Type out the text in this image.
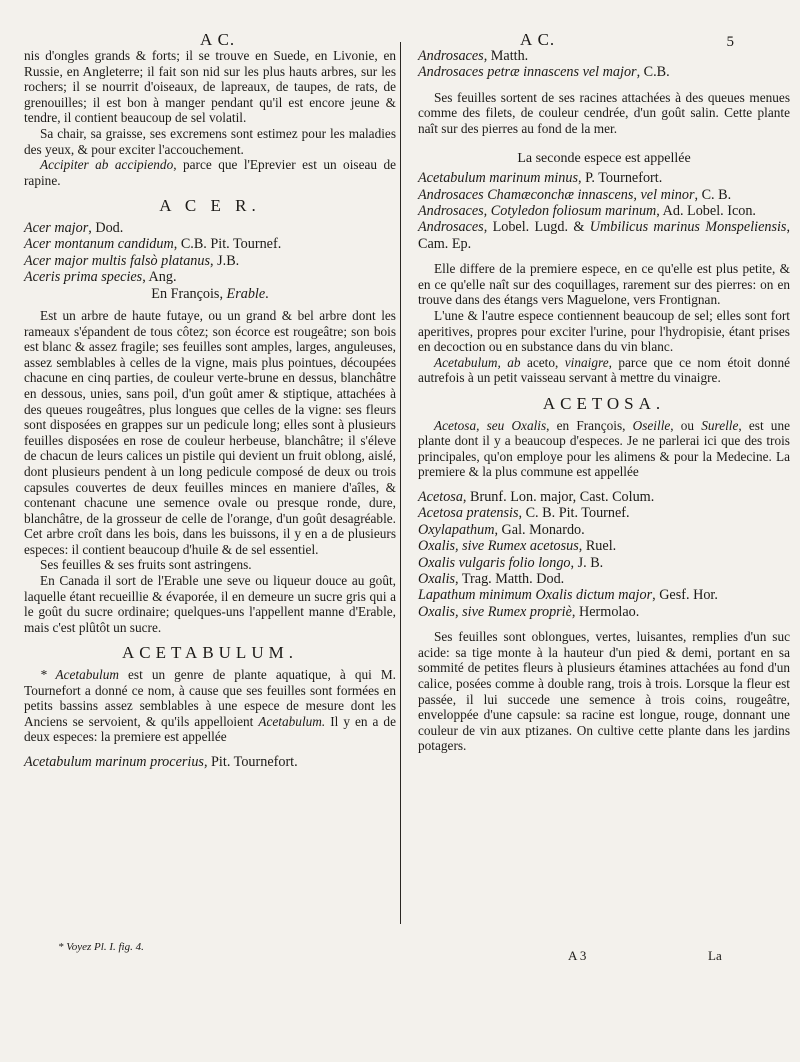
A C.	A C.	5

nis d'ongles grands & forts; il se trouve en Suede, en Livonie, en Russie, en Angleterre; il fait son nid sur les plus hauts arbres, sur les rochers; il se nourrit d'oiseaux, de lapreaux, de taupes, de rats, de grenouilles; il est bon à manger pendant qu'il est encore jeune & tendre, il contient beaucoup de sel volatil.

Sa chair, sa graisse, ses excremens sont estimez pour les maladies des yeux, & pour exciter l'accouchement.

Accipiter ab accipiendo, parce que l'Eprevier est un oiseau de rapine.

A C E R.

Acer major, Dod.

Acer montanum candidum, C.B. Pit. Tournef.

Acer major multis falsò platanus, J.B.

Aceris prima species, Ang.

En François, Erable.

Est un arbre de haute futaye, ou un grand & bel arbre dont les rameaux s'épandent de tous côtez; son écorce est rougeâtre; son bois est blanc & assez fragile; ses feuilles sont amples, larges, anguleuses, assez semblables à celles de la vigne, mais plus pointues, découpées chacune en cinq parties, de couleur verte-brune en dessus, blanchâtre en dessous, unies, sans poil, d'un goût amer & stiptique, attachées à des queues rougeâtres, plus longues que celles de la vigne: ses fleurs sont disposées en grappes sur un pedicule long; elles sont à plusieurs feuilles disposées en rose de couleur herbeuse, blanchâtre; il s'éleve de chacun de leurs calices un pistile qui devient un fruit oblong, aislé, dont plusieurs pendent à un long pedicule composé de deux ou trois capsules couvertes de deux feuilles minces en maniere d'aîles, & contenant chacune une semence ovale ou presque ronde, dure, blanchâtre, de la grosseur de celle de l'orange, d'un goût desagréable. Cet arbre croît dans les bois, dans les buissons, il y en a de plusieurs especes: il contient beaucoup d'huile & de sel essentiel.

Ses feuilles & ses fruits sont astringens.

En Canada il sort de l'Erable une seve ou liqueur douce au goût, laquelle étant recueillie & évaporée, il en demeure un sucre gris qui a le goût du sucre ordinaire; quelques-uns l'appellent manne d'Erable, mais c'est plûtôt un sucre.

ACETABULUM.

* Acetabulum est un genre de plante aquatique, à qui M. Tournefort a donné ce nom, à cause que ses feuilles sont formées en petits bassins assez semblables à une espece de mesure dont les Anciens se servoient, & qu'ils appelloient Acetabulum. Il y en a de deux especes: la premiere est appellée

Acetabulum marinum procerius, Pit. Tournefort.

Androsaces, Matth.

Androsaces petræ innascens vel major, C.B.

Ses feuilles sortent de ses racines attachées à des queues menues comme des filets, de couleur cendrée, d'un goût salin. Cette plante naît sur des pierres au fond de la mer.

La seconde espece est appellée

Acetabulum marinum minus, P. Tournefort.

Androsaces Chamæconchæ innascens, vel minor, C. B.

Androsaces, Cotyledon foliosum marinum, Ad. Lobel. Icon.

Androsaces, Lobel. Lugd. & Umbilicus marinus Monspeliensis, Cam. Ep.

Elle differe de la premiere espece, en ce qu'elle est plus petite, & en ce qu'elle naît sur des coquillages, rarement sur des pierres: on en trouve dans des étangs vers Maguelone, vers Frontignan.

L'une & l'autre espece contiennent beaucoup de sel; elles sont fort aperitives, propres pour exciter l'urine, pour l'hydropisie, étant prises en decoction ou en substance dans du vin blanc.

Acetabulum, ab aceto, vinaigre, parce que ce nom étoit donné autrefois à un petit vaisseau servant à mettre du vinaigre.

ACETOSA.

Acetosa, seu Oxalis, en François, Oseille, ou Surelle, est une plante dont il y a beaucoup d'especes. Je ne parlerai ici que des trois principales, qu'on employe pour les alimens & pour la Medecine. La premiere & la plus commune est appellée

Acetosa, Brunf. Lon. major, Cast. Colum.

Acetosa pratensis, C. B. Pit. Tournef.

Oxylapathum, Gal. Monardo.

Oxalis, sive Rumex acetosus, Ruel.

Oxalis vulgaris folio longo, J. B.

Oxalis, Trag. Matth. Dod.

Lapathum minimum Oxalis dictum major, Gesf. Hor.

Oxalis, sive Rumex propriè, Hermolao.

Ses feuilles sont oblongues, vertes, luisantes, remplies d'un suc acide: sa tige monte à la hauteur d'un pied & demi, portant en sa sommité de petites fleurs à plusieurs étamines attachées au fond d'un calice, posées comme à double rang, trois à trois. Lorsque la fleur est passée, il lui succede une semence à trois coins, rougeâtre, enveloppée d'une capsule: sa racine est longue, rouge, donnant une couleur de vin aux ptizanes. On cultive cette plante dans les jardins potagers.

* Voyez Pl. I. fig. 4.
A 3	La
